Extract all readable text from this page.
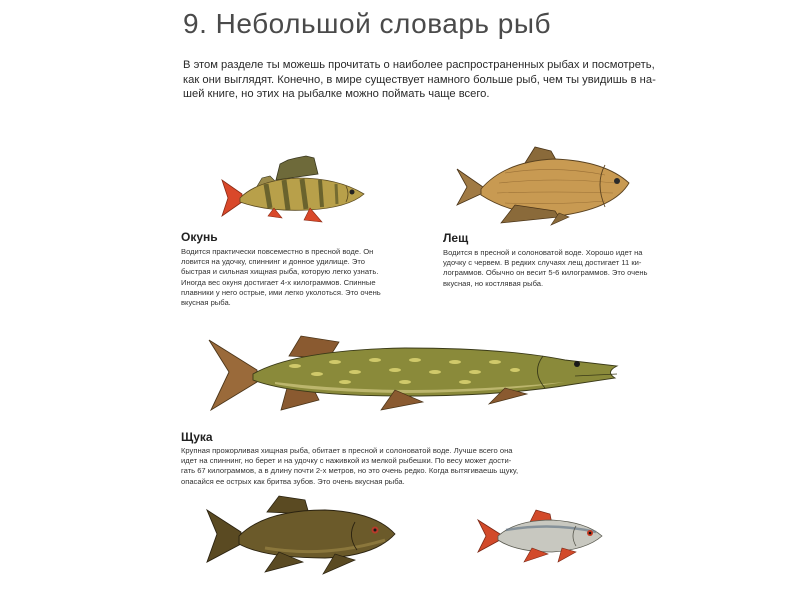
9. Небольшой словарь рыб
В этом разделе ты можешь прочитать о наиболее распространенных рыбах и посмотреть,
как они выглядят. Конечно, в мире существует намного больше рыб, чем ты увидишь в на-
шей книге, но этих на рыбалке можно поймать чаще всего.
Окунь
Водится практически повсеместно в пресной воде. Он
ловится на удочку, спиннинг и донное удилище. Это
быстрая и сильная хищная рыба, которую легко узнать.
Иногда вес окуня достигает 4-х килограммов. Спинные
плавники у него острые, ими легко уколоться. Это очень
вкусная рыба.
Лещ
Водится в пресной и солоноватой воде. Хорошо идет на
удочку с червем. В редких случаях лещ достигает 11 ки-
лограммов. Обычно он весит 5-6 килограммов. Это очень
вкусная, но костлявая рыба.
Щука
Крупная прожорливая хищная рыба, обитает в пресной и солоноватой воде. Лучше всего она
идет на спиннинг, но берет и на удочку с наживкой из мелкой рыбешки. По весу может дости-
гать 67 килограммов, а в длину почти 2-х метров, но это очень редко. Когда вытягиваешь щуку,
опасайся ее острых как бритва зубов. Это очень вкусная рыба.
